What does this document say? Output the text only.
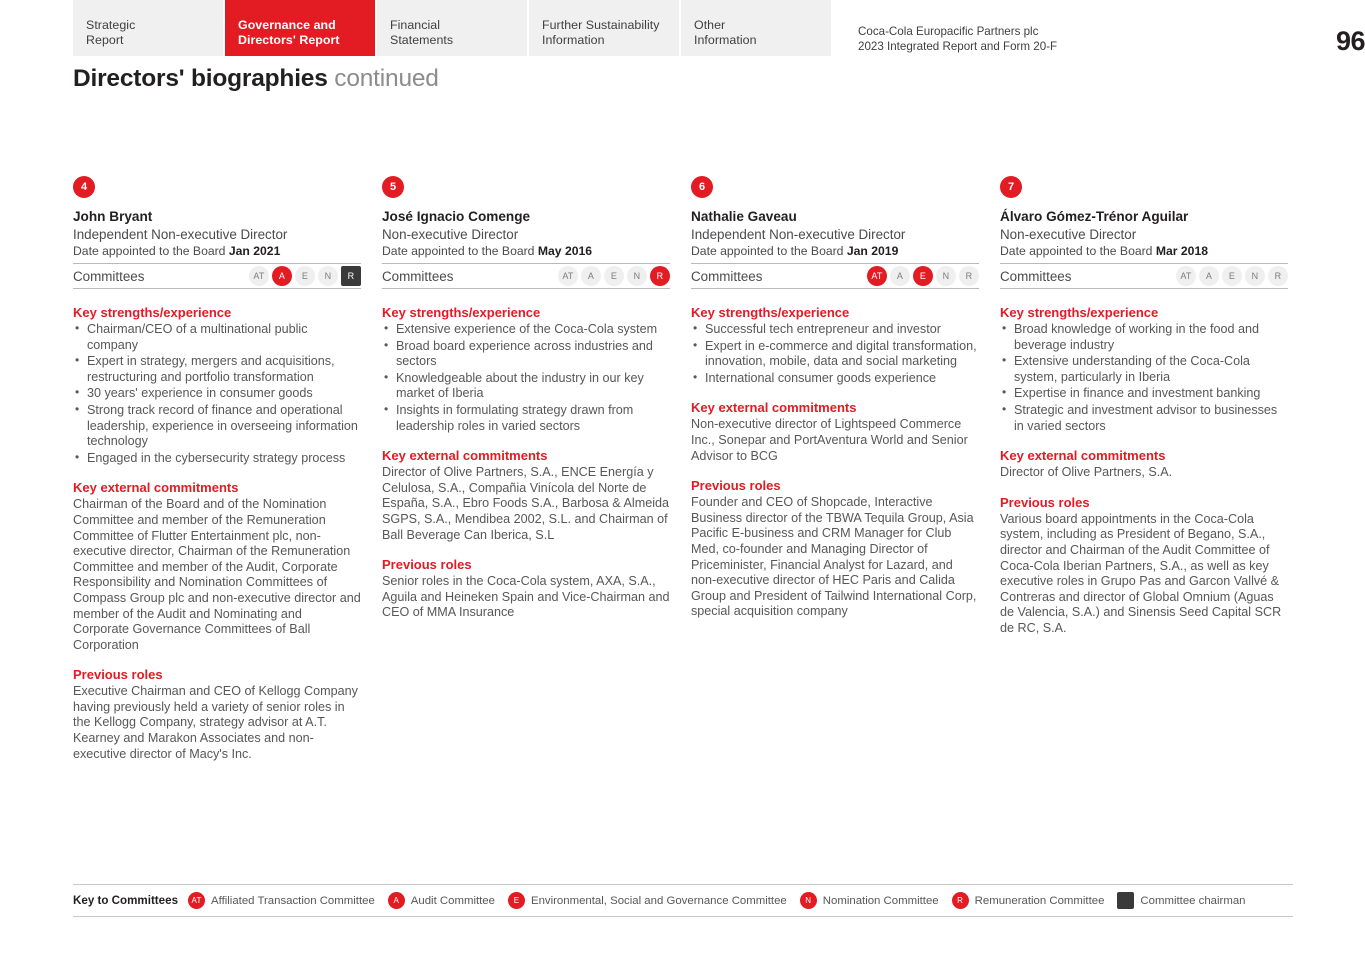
Strategic
Report
Governance and
Directors' Report
Financial
Statements
Further Sustainability
Information
Other
Information
Coca-Cola Europacific Partners plc
2023 Integrated Report and Form 20-F	96
Directors' biographies continued
4
John Bryant
Independent Non-executive Director
Date appointed to the Board Jan 2021
Committees	AT	A	E	N	R
Key strengths/experience
• Chairman/CEO of a multinational public company
• Expert in strategy, mergers and acquisitions, restructuring and portfolio transformation
• 30 years' experience in consumer goods
• Strong track record of finance and operational leadership, experience in overseeing information technology
• Engaged in the cybersecurity strategy process
Key external commitments

Chairman of the Board and of the Nomination Committee and member of the Remuneration Committee of Flutter Entertainment plc, non-executive director, Chairman of the Remuneration Committee and member of the Audit, Corporate Responsibility and Nomination Committees of Compass Group plc and non-executive director and member of the Audit and Nominating and Corporate Governance Committees of Ball Corporation

Previous roles

Executive Chairman and CEO of Kellogg Company having previously held a variety of senior roles in the Kellogg Company, strategy advisor at A.T. Kearney and Marakon Associates and non-executive director of Macy's Inc.

5
José Ignacio Comenge
Non-executive Director
Date appointed to the Board May 2016
Committees	AT	A	E	N	R
Key strengths/experience
• Extensive experience of the Coca-Cola system
• Broad board experience across industries and sectors
• Knowledgeable about the industry in our key market of Iberia
• Insights in formulating strategy drawn from leadership roles in varied sectors
Key external commitments

Director of Olive Partners, S.A., ENCE Energía y Celulosa, S.A., Compañia Vinícola del Norte de España, S.A., Ebro Foods S.A., Barbosa & Almeida SGPS, S.A., Mendibea 2002, S.L. and Chairman of Ball Beverage Can Iberica, S.L

Previous roles

Senior roles in the Coca-Cola system, AXA, S.A., Aguila and Heineken Spain and Vice-Chairman and CEO of MMA Insurance

6
Nathalie Gaveau
Independent Non-executive Director
Date appointed to the Board Jan 2019
Committees	AT	A	E	N	R
Key strengths/experience
• Successful tech entrepreneur and investor
• Expert in e-commerce and digital transformation, innovation, mobile, data and social marketing
• International consumer goods experience
Key external commitments

Non-executive director of Lightspeed Commerce Inc., Sonepar and PortAventura World and Senior Advisor to BCG

Previous roles

Founder and CEO of Shopcade, Interactive Business director of the TBWA Tequila Group, Asia Pacific E-business and CRM Manager for Club Med, co-founder and Managing Director of Priceminister, Financial Analyst for Lazard, and non-executive director of HEC Paris and Calida Group and President of Tailwind International Corp, special acquisition company

7
Álvaro Gómez-Trénor Aguilar
Non-executive Director
Date appointed to the Board Mar 2018
Committees	AT	A	E	N	R
Key strengths/experience
• Broad knowledge of working in the food and beverage industry
• Extensive understanding of the Coca-Cola system, particularly in Iberia
• Expertise in finance and investment banking
• Strategic and investment advisor to businesses in varied sectors
Key external commitments

Director of Olive Partners, S.A.

Previous roles

Various board appointments in the Coca-Cola system, including as President of Begano, S.A., director and Chairman of the Audit Committee of Coca-Cola Iberian Partners, S.A., as well as key executive roles in Grupo Pas and Garcon Vallvé & Contreras and director of Global Omnium (Aguas de Valencia, S.A.) and Sinensis Seed Capital SCR de RC, S.A.

Key to Committees	AT Affiliated Transaction Committee	A	Audit Committee	E	Environmental, Social and Governance Committee	N	Nomination Committee	R	Remuneration Committee	Committee chairman
